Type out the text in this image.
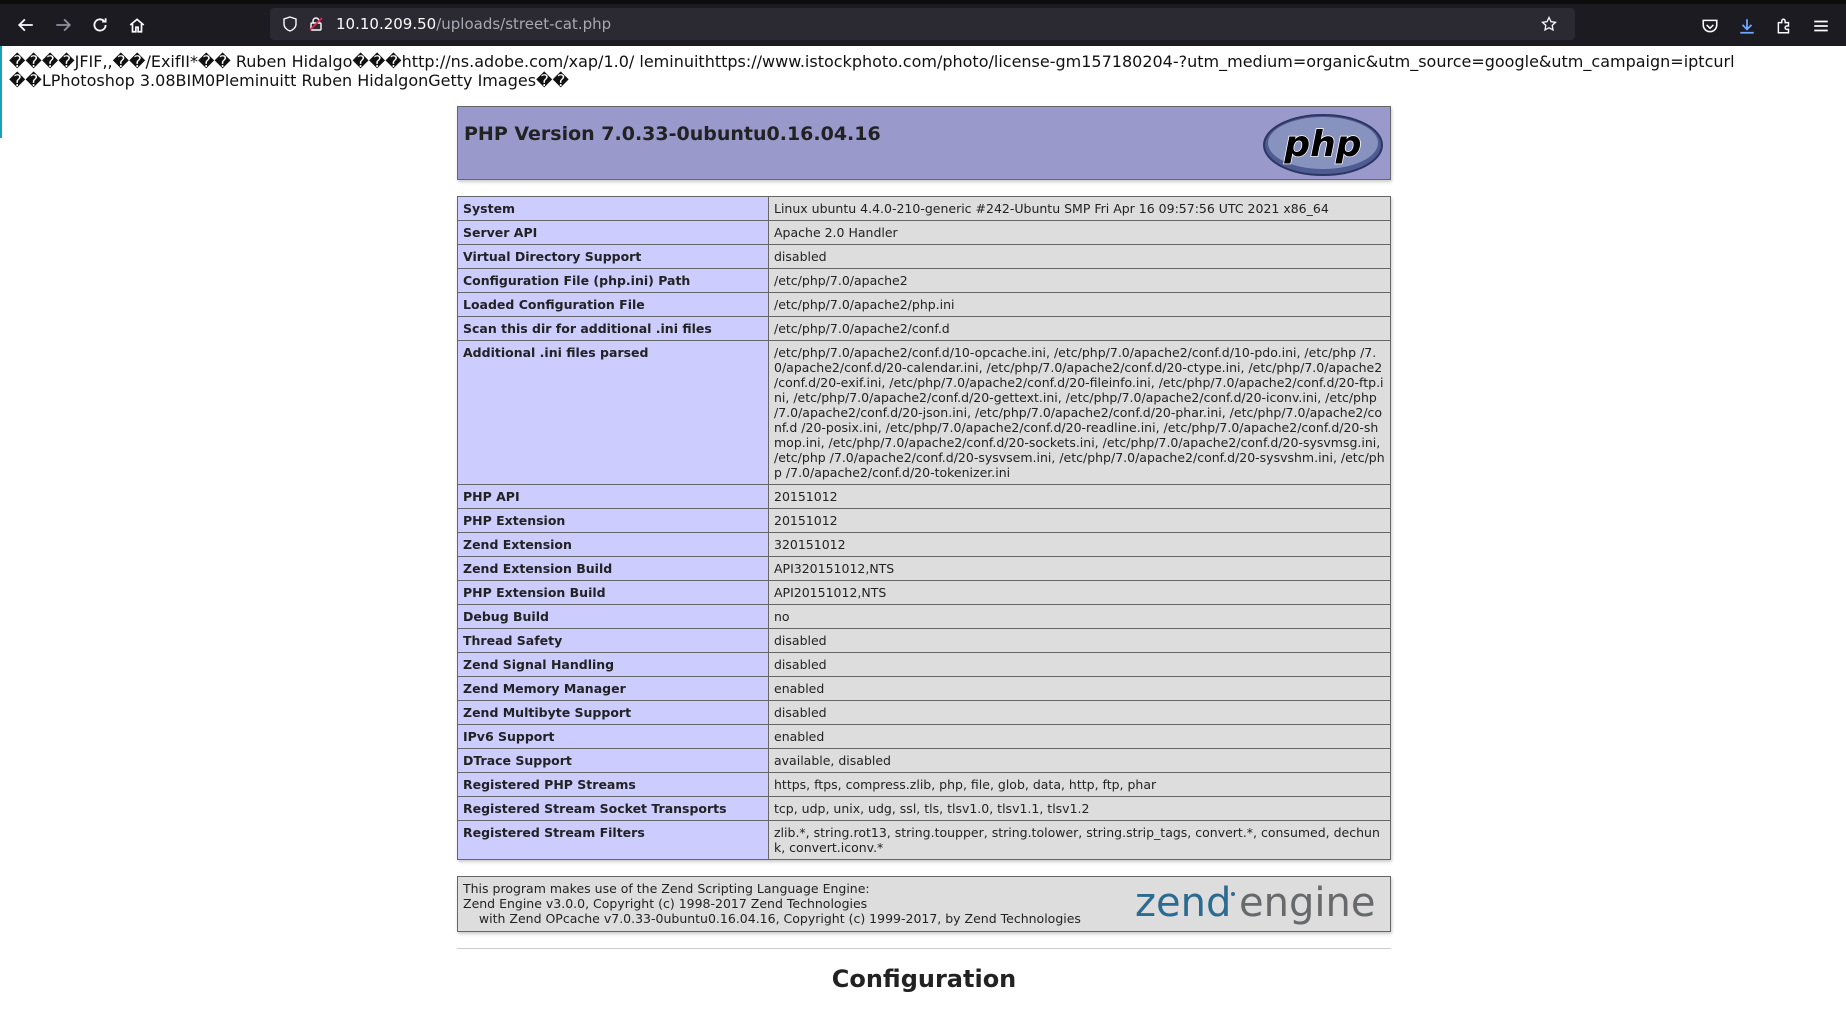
10.10.209.50/uploads/street-cat.php
����JFIF,,��/ExifII*�� Ruben Hidalgo���http://ns.adobe.com/xap/1.0/ leminuithttps://www.istockphoto.com/photo/license-gm157180204-?utm_medium=organic&utm_source=google&utm_campaign=iptcurl
��LPhotoshop 3.08BIM0Pleminuitt Ruben HidalgonGetty Images��
PHP Version 7.0.33-0ubuntu0.16.04.16	php
System	Linux ubuntu 4.4.0-210-generic #242-Ubuntu SMP Fri Apr 16 09:57:56 UTC 2021 x86_64
Server API	Apache 2.0 Handler
Virtual Directory Support	disabled
Configuration File (php.ini) Path	/etc/php/7.0/apache2
Loaded Configuration File	/etc/php/7.0/apache2/php.ini
Scan this dir for additional .ini files	/etc/php/7.0/apache2/conf.d
Additional .ini files parsed	/etc/php/7.0/apache2/conf.d/10-opcache.ini, /etc/php/7.0/apache2/conf.d/10-pdo.ini, /etc/php /7.0/apache2/conf.d/20-calendar.ini, /etc/php/7.0/apache2/conf.d/20-ctype.ini, /etc/php/7.0/apache2 /conf.d/20-exif.ini, /etc/php/7.0/apache2/conf.d/20-fileinfo.ini, /etc/php/7.0/apache2/conf.d/20-ftp.ini, /etc/php/7.0/apache2/conf.d/20-gettext.ini, /etc/php/7.0/apache2/conf.d/20-iconv.ini, /etc/php /7.0/apache2/conf.d/20-json.ini, /etc/php/7.0/apache2/conf.d/20-phar.ini, /etc/php/7.0/apache2/conf.d /20-posix.ini, /etc/php/7.0/apache2/conf.d/20-readline.ini, /etc/php/7.0/apache2/conf.d/20-shmop.ini, /etc/php/7.0/apache2/conf.d/20-sockets.ini, /etc/php/7.0/apache2/conf.d/20-sysvmsg.ini, /etc/php /7.0/apache2/conf.d/20-sysvsem.ini, /etc/php/7.0/apache2/conf.d/20-sysvshm.ini, /etc/php /7.0/apache2/conf.d/20-tokenizer.ini
PHP API	20151012
PHP Extension	20151012
Zend Extension	320151012
Zend Extension Build	API320151012,NTS
PHP Extension Build	API20151012,NTS
Debug Build	no
Thread Safety	disabled
Zend Signal Handling	disabled
Zend Memory Manager	enabled
Zend Multibyte Support	disabled
IPv6 Support	enabled
DTrace Support	available, disabled
Registered PHP Streams	https, ftps, compress.zlib, php, file, glob, data, http, ftp, phar
Registered Stream Socket Transports	tcp, udp, unix, udg, ssl, tls, tlsv1.0, tlsv1.1, tlsv1.2
Registered Stream Filters	zlib.*, string.rot13, string.toupper, string.tolower, string.strip_tags, convert.*, consumed, dechunk, convert.iconv.*
This program makes use of the Zend Scripting Language Engine:
Zend Engine v3.0.0, Copyright (c) 1998-2017 Zend Technologies
with Zend OPcache v7.0.33-0ubuntu0.16.04.16, Copyright (c) 1999-2017, by Zend Technologies	zend engine
Configuration
